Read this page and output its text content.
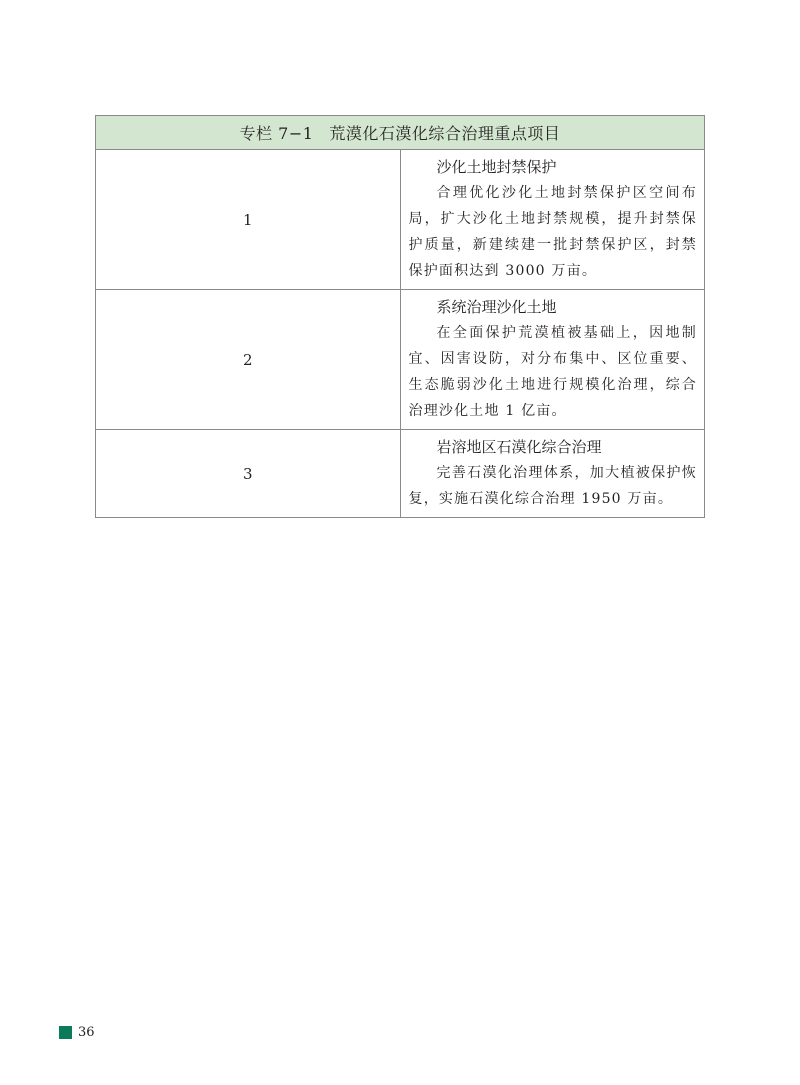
专栏 7−1 荒漠化石漠化综合治理重点项目	
1	沙化土地封禁保护
合理优化沙化土地封禁保护区空间布局，扩大沙化土地封禁规模，提升封禁保护质量，新建续建一批封禁保护区，封禁保护面积达到 3000 万亩。

2	系统治理沙化土地
在全面保护荒漠植被基础上，因地制宜、因害设防，对分布集中、区位重要、生态脆弱沙化土地进行规模化治理，综合治理沙化土地 1 亿亩。

3	岩溶地区石漠化综合治理
完善石漠化治理体系，加大植被保护恢复，实施石漠化综合治理 1950 万亩。
36
